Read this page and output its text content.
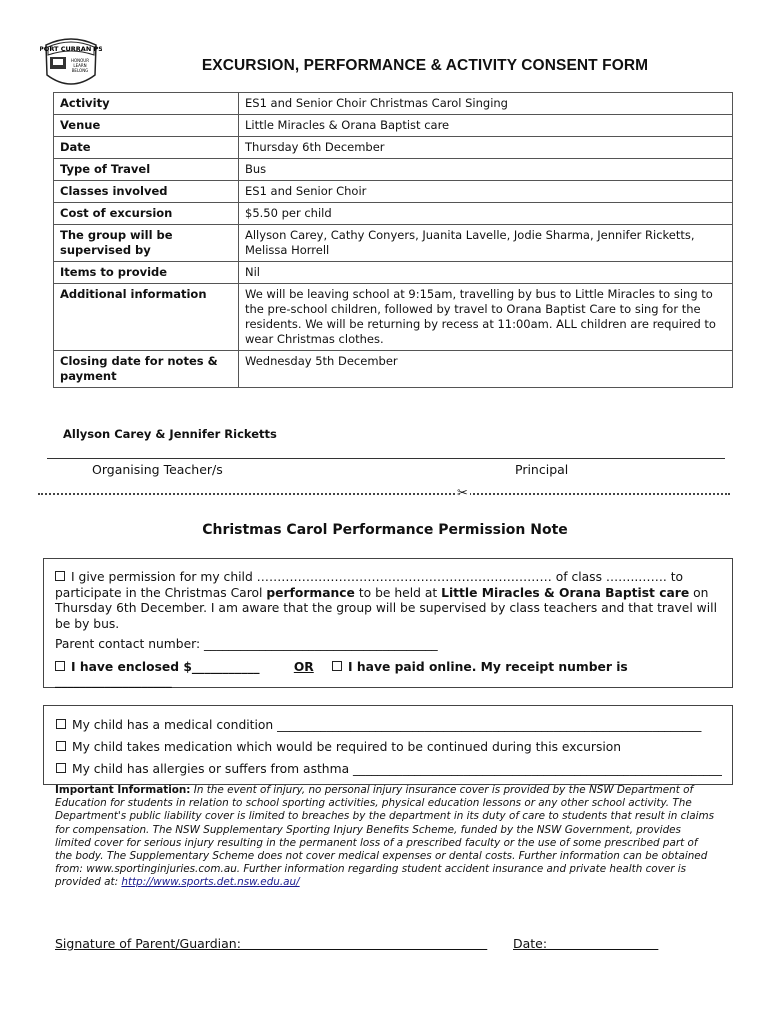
PORT CURRAN PS
HONOUR
LEARN
BELONG	EXCURSION, PERFORMANCE & ACTIVITY CONSENT FORM
Activity	ES1 and Senior Choir Christmas Carol Singing
Venue	Little Miracles & Orana Baptist care
Date	Thursday 6th December
Type of Travel	Bus
Classes involved	ES1 and Senior Choir
Cost of excursion	$5.50 per child
The group will be supervised by	Allyson Carey, Cathy Conyers, Juanita Lavelle, Jodie Sharma, Jennifer Ricketts, Melissa Horrell
Items to provide	Nil
Additional information	We will be leaving school at 9:15am, travelling by bus to Little Miracles to sing to the pre-school children, followed by travel to Orana Baptist Care to sing for the residents. We will be returning by recess at 11:00am. ALL children are required to wear Christmas clothes.
Closing date for notes & payment	Wednesday 5th December
Allyson Carey & Jennifer Ricketts
Organising Teacher/s	Principal
✂
Christmas Carol Performance Permission Note
I give permission for my child ……………………………………………………………… of class ……..……. to participate in the Christmas Carol performance to be held at Little Miracles & Orana Baptist care on Thursday 6th December. I am aware that the group will be supervised by class teachers and that travel will be by bus.
Parent contact number: ______________________________________
I have enclosed $___________	OR	I have paid online. My receipt number is ___________________
My child has a medical condition _____________________________________________________________________
My child takes medication which would be required to be continued during this excursion
My child has allergies or suffers from asthma ____________________________________________________________
Important Information: In the event of injury, no personal injury insurance cover is provided by the NSW Department of Education for students in relation to school sporting activities, physical education lessons or any other school activity. The Department's public liability cover is limited to breaches by the department in its duty of care to students that result in claims for compensation. The NSW Supplementary Sporting Injury Benefits Scheme, funded by the NSW Government, provides limited cover for serious injury resulting in the permanent loss of a prescribed faculty or the use of some prescribed part of the body. The Supplementary Scheme does not cover medical expenses or dental costs. Further information can be obtained from: www.sportinginjuries.com.au. Further information regarding student accident insurance and private health cover is provided at: http://www.sports.det.nsw.edu.au/
Signature of Parent/Guardian: Date:
